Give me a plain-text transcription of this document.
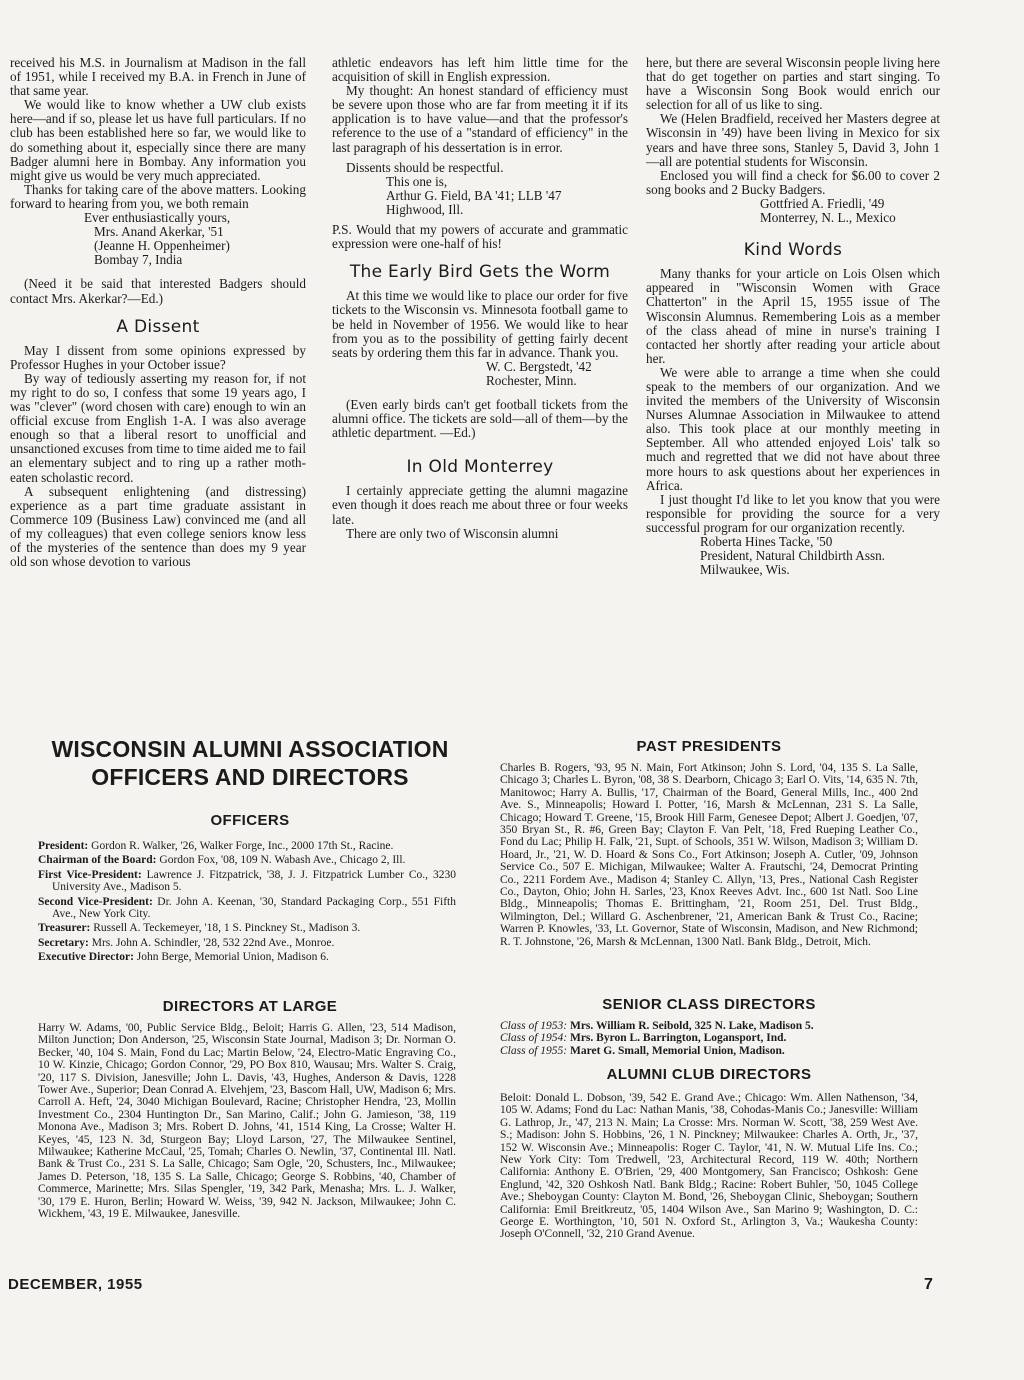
received his M.S. in Journalism at Madison in the fall of 1951, while I received my B.A. in French in June of that same year.

We would like to know whether a UW club exists here—and if so, please let us have full particulars. If no club has been established here so far, we would like to do something about it, especially since there are many Badger alumni here in Bombay. Any information you might give us would be very much appreciated.

Thanks for taking care of the above matters. Looking forward to hearing from you, we both remain

Ever enthusiastically yours,

Mrs. Anand Akerkar, '51

(Jeanne H. Oppenheimer)

Bombay 7, India

(Need it be said that interested Badgers should contact Mrs. Akerkar?—Ed.)

A Dissent

May I dissent from some opinions expressed by Professor Hughes in your October issue?

By way of tediously asserting my reason for, if not my right to do so, I confess that some 19 years ago, I was "clever" (word chosen with care) enough to win an official excuse from English 1-A. I was also average enough so that a liberal resort to unofficial and unsanctioned excuses from time to time aided me to fail an elementary subject and to ring up a rather moth-eaten scholastic record.

A subsequent enlightening (and distressing) experience as a part time graduate assistant in Commerce 109 (Business Law) convinced me (and all of my colleagues) that even college seniors know less of the mysteries of the sentence than does my 9 year old son whose devotion to various

athletic endeavors has left him little time for the acquisition of skill in English expression.

My thought: An honest standard of efficiency must be severe upon those who are far from meeting it if its application is to have value—and that the professor's reference to the use of a "standard of efficiency" in the last paragraph of his dessertation is in error.

Dissents should be respectful.

This one is,

Arthur G. Field, BA '41; LLB '47

Highwood, Ill.

P.S. Would that my powers of accurate and grammatic expression were one-half of his!

The Early Bird Gets the Worm

At this time we would like to place our order for five tickets to the Wisconsin vs. Minnesota football game to be held in November of 1956. We would like to hear from you as to the possibility of getting fairly decent seats by ordering them this far in advance. Thank you.

W. C. Bergstedt, '42

Rochester, Minn.

(Even early birds can't get football tickets from the alumni office. The tickets are sold—all of them—by the athletic department. —Ed.)

In Old Monterrey

I certainly appreciate getting the alumni magazine even though it does reach me about three or four weeks late.

There are only two of Wisconsin alumni

here, but there are several Wisconsin people living here that do get together on parties and start singing. To have a Wisconsin Song Book would enrich our selection for all of us like to sing.

We (Helen Bradfield, received her Masters degree at Wisconsin in '49) have been living in Mexico for six years and have three sons, Stanley 5, David 3, John 1—all are potential students for Wisconsin.

Enclosed you will find a check for $6.00 to cover 2 song books and 2 Bucky Badgers.

Gottfried A. Friedli, '49

Monterrey, N. L., Mexico

Kind Words

Many thanks for your article on Lois Olsen which appeared in "Wisconsin Women with Grace Chatterton" in the April 15, 1955 issue of The Wisconsin Alumnus. Remembering Lois as a member of the class ahead of mine in nurse's training I contacted her shortly after reading your article about her.

We were able to arrange a time when she could speak to the members of our organization. And we invited the members of the University of Wisconsin Nurses Alumnae Association in Milwaukee to attend also. This took place at our monthly meeting in September. All who attended enjoyed Lois' talk so much and regretted that we did not have about three more hours to ask questions about her experiences in Africa.

I just thought I'd like to let you know that you were responsible for providing the source for a very successful program for our organization recently.

Roberta Hines Tacke, '50

President, Natural Childbirth Assn.

Milwaukee, Wis.

WISCONSIN ALUMNI ASSOCIATION
OFFICERS AND DIRECTORS
OFFICERS

President: Gordon R. Walker, '26, Walker Forge, Inc., 2000 17th St., Racine.

Chairman of the Board: Gordon Fox, '08, 109 N. Wabash Ave., Chicago 2, Ill.

First Vice-President: Lawrence J. Fitzpatrick, '38, J. J. Fitzpatrick Lumber Co., 3230 University Ave., Madison 5.

Second Vice-President: Dr. John A. Keenan, '30, Standard Packaging Corp., 551 Fifth Ave., New York City.

Treasurer: Russell A. Teckemeyer, '18, 1 S. Pinckney St., Madison 3.

Secretary: Mrs. John A. Schindler, '28, 532 22nd Ave., Monroe.

Executive Director: John Berge, Memorial Union, Madison 6.

DIRECTORS AT LARGE

Harry W. Adams, '00, Public Service Bldg., Beloit; Harris G. Allen, '23, 514 Madison, Milton Junction; Don Anderson, '25, Wisconsin State Journal, Madison 3; Dr. Norman O. Becker, '40, 104 S. Main, Fond du Lac; Martin Below, '24, Electro-Matic Engraving Co., 10 W. Kinzie, Chicago; Gordon Connor, '29, PO Box 810, Wausau; Mrs. Walter S. Craig, '20, 117 S. Division, Janesville; John L. Davis, '43, Hughes, Anderson & Davis, 1228 Tower Ave., Superior; Dean Conrad A. Elvehjem, '23, Bascom Hall, UW, Madison 6; Mrs. Carroll A. Heft, '24, 3040 Michigan Boulevard, Racine; Christopher Hendra, '23, Mollin Investment Co., 2304 Huntington Dr., San Marino, Calif.; John G. Jamieson, '38, 119 Monona Ave., Madison 3; Mrs. Robert D. Johns, '41, 1514 King, La Crosse; Walter H. Keyes, '45, 123 N. 3d, Sturgeon Bay; Lloyd Larson, '27, The Milwaukee Sentinel, Milwaukee; Katherine McCaul, '25, Tomah; Charles O. Newlin, '37, Continental Ill. Natl. Bank & Trust Co., 231 S. La Salle, Chicago; Sam Ogle, '20, Schusters, Inc., Milwaukee; James D. Peterson, '18, 135 S. La Salle, Chicago; George S. Robbins, '40, Chamber of Commerce, Marinette; Mrs. Silas Spengler, '19, 342 Park, Menasha; Mrs. L. J. Walker, '30, 179 E. Huron, Berlin; Howard W. Weiss, '39, 942 N. Jackson, Milwaukee; John C. Wickhem, '43, 19 E. Milwaukee, Janesville.

PAST PRESIDENTS

Charles B. Rogers, '93, 95 N. Main, Fort Atkinson; John S. Lord, '04, 135 S. La Salle, Chicago 3; Charles L. Byron, '08, 38 S. Dearborn, Chicago 3; Earl O. Vits, '14, 635 N. 7th, Manitowoc; Harry A. Bullis, '17, Chairman of the Board, General Mills, Inc., 400 2nd Ave. S., Minneapolis; Howard I. Potter, '16, Marsh & McLennan, 231 S. La Salle, Chicago; Howard T. Greene, '15, Brook Hill Farm, Genesee Depot; Albert J. Goedjen, '07, 350 Bryan St., R. #6, Green Bay; Clayton F. Van Pelt, '18, Fred Rueping Leather Co., Fond du Lac; Philip H. Falk, '21, Supt. of Schools, 351 W. Wilson, Madison 3; William D. Hoard, Jr., '21, W. D. Hoard & Sons Co., Fort Atkinson; Joseph A. Cutler, '09, Johnson Service Co., 507 E. Michigan, Milwaukee; Walter A. Frautschi, '24, Democrat Printing Co., 2211 Fordem Ave., Madison 4; Stanley C. Allyn, '13, Pres., National Cash Register Co., Dayton, Ohio; John H. Sarles, '23, Knox Reeves Advt. Inc., 600 1st Natl. Soo Line Bldg., Minneapolis; Thomas E. Brittingham, '21, Room 251, Del. Trust Bldg., Wilmington, Del.; Willard G. Aschenbrener, '21, American Bank & Trust Co., Racine; Warren P. Knowles, '33, Lt. Governor, State of Wisconsin, Madison, and New Richmond; R. T. Johnstone, '26, Marsh & McLennan, 1300 Natl. Bank Bldg., Detroit, Mich.

SENIOR CLASS DIRECTORS

Class of 1953: Mrs. William R. Seibold, 325 N. Lake, Madison 5.

Class of 1954: Mrs. Byron L. Barrington, Logansport, Ind.

Class of 1955: Maret G. Small, Memorial Union, Madison.

ALUMNI CLUB DIRECTORS

Beloit: Donald L. Dobson, '39, 542 E. Grand Ave.; Chicago: Wm. Allen Nathenson, '34, 105 W. Adams; Fond du Lac: Nathan Manis, '38, Cohodas-Manis Co.; Janesville: William G. Lathrop, Jr., '47, 213 N. Main; La Crosse: Mrs. Norman W. Scott, '38, 259 West Ave. S.; Madison: John S. Hobbins, '26, 1 N. Pinckney; Milwaukee: Charles A. Orth, Jr., '37, 152 W. Wisconsin Ave.; Minneapolis: Roger C. Taylor, '41, N. W. Mutual Life Ins. Co.; New York City: Tom Tredwell, '23, Architectural Record, 119 W. 40th; Northern California: Anthony E. O'Brien, '29, 400 Montgomery, San Francisco; Oshkosh: Gene Englund, '42, 320 Oshkosh Natl. Bank Bldg.; Racine: Robert Buhler, '50, 1045 College Ave.; Sheboygan County: Clayton M. Bond, '26, Sheboygan Clinic, Sheboygan; Southern California: Emil Breitkreutz, '05, 1404 Wilson Ave., San Marino 9; Washington, D. C.: George E. Worthington, '10, 501 N. Oxford St., Arlington 3, Va.; Waukesha County: Joseph O'Connell, '32, 210 Grand Avenue.

DECEMBER, 1955	7
